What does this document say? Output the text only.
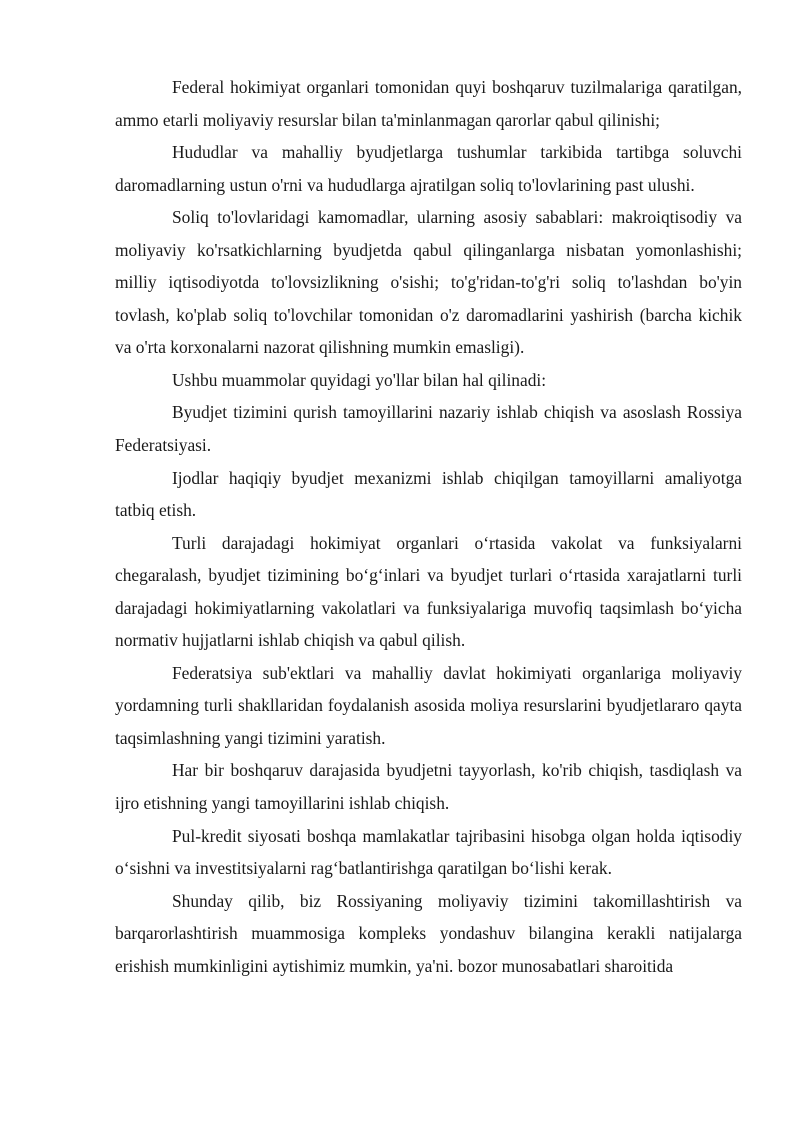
Federal hokimiyat organlari tomonidan quyi boshqaruv tuzilmalariga qaratilgan, ammo etarli moliyaviy resurslar bilan ta'minlanmagan qarorlar qabul qilinishi;

Hududlar va mahalliy byudjetlarga tushumlar tarkibida tartibga soluvchi daromadlarning ustun o'rni va hududlarga ajratilgan soliq to'lovlarining past ulushi.

Soliq to'lovlaridagi kamomadlar, ularning asosiy sabablari: makroiqtisodiy va moliyaviy ko'rsatkichlarning byudjetda qabul qilinganlarga nisbatan yomonlashishi; milliy iqtisodiyotda to'lovsizlikning o'sishi; to'g'ridan-to'g'ri soliq to'lashdan bo'yin tovlash, ko'plab soliq to'lovchilar tomonidan o'z daromadlarini yashirish (barcha kichik va o'rta korxonalarni nazorat qilishning mumkin emasligi).

Ushbu muammolar quyidagi yo'llar bilan hal qilinadi:

Byudjet tizimini qurish tamoyillarini nazariy ishlab chiqish va asoslash Rossiya Federatsiyasi.

Ijodlar haqiqiy byudjet mexanizmi ishlab chiqilgan tamoyillarni amaliyotga tatbiq etish.

Turli darajadagi hokimiyat organlari oʻrtasida vakolat va funksiyalarni chegaralash, byudjet tizimining boʻgʻinlari va byudjet turlari oʻrtasida xarajatlarni turli darajadagi hokimiyatlarning vakolatlari va funksiyalariga muvofiq taqsimlash boʻyicha normativ hujjatlarni ishlab chiqish va qabul qilish.

Federatsiya sub'ektlari va mahalliy davlat hokimiyati organlariga moliyaviy yordamning turli shakllaridan foydalanish asosida moliya resurslarini byudjetlararo qayta taqsimlashning yangi tizimini yaratish.

Har bir boshqaruv darajasida byudjetni tayyorlash, ko'rib chiqish, tasdiqlash va ijro etishning yangi tamoyillarini ishlab chiqish.

Pul-kredit siyosati boshqa mamlakatlar tajribasini hisobga olgan holda iqtisodiy oʻsishni va investitsiyalarni ragʻbatlantirishga qaratilgan boʻlishi kerak.

Shunday qilib, biz Rossiyaning moliyaviy tizimini takomillashtirish va barqarorlashtirish muammosiga kompleks yondashuv bilangina kerakli natijalarga erishish mumkinligini aytishimiz mumkin, ya'ni. bozor munosabatlari sharoitida
